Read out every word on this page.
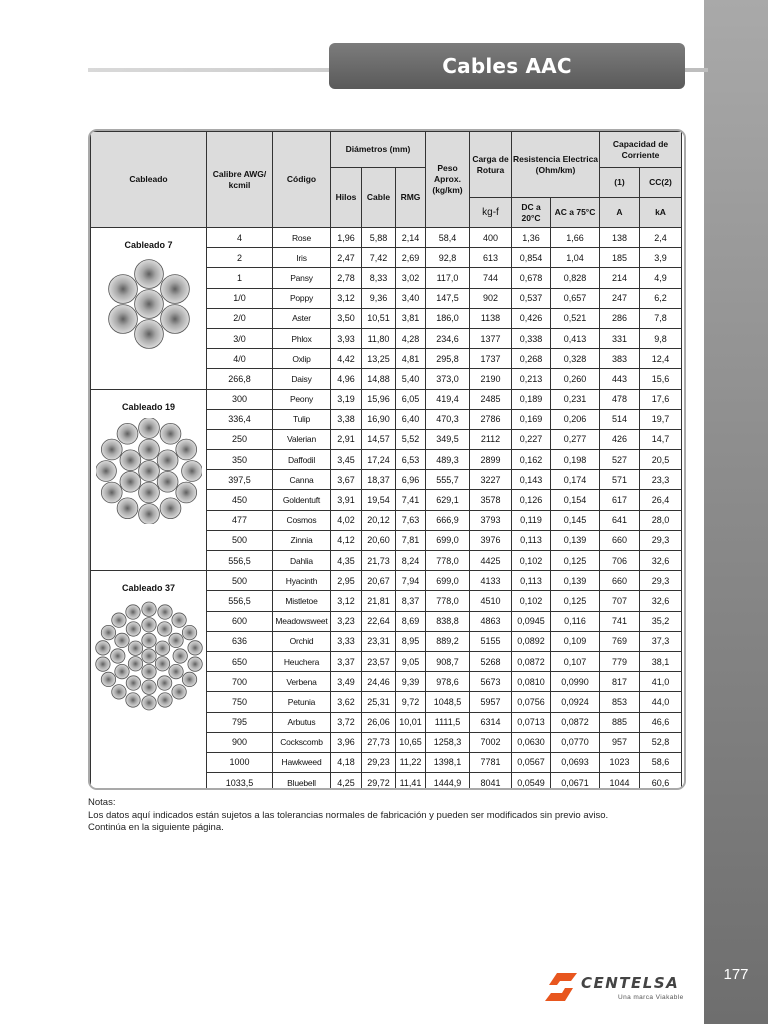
177
Cables AAC
Cableado	Calibre AWG/ kcmil	Código	Diámetros (mm)			Peso Aprox. (kg/km)	Carga de Rotura	Resistencia Electrica (Ohm/km)		Capacidad de Corriente	
			Hilos	Cable	RMG					(1)	CC(2)
							kg-f	DC a 20°C	AC a 75°C	A	kA

Cableado 7	4	Rose	1,96	5,88	2,14	58,4	400	1,36	1,66	138	2,4
	2	Iris	2,47	7,42	2,69	92,8	613	0,854	1,04	185	3,9
	1	Pansy	2,78	8,33	3,02	117,0	744	0,678	0,828	214	4,9
	1/0	Poppy	3,12	9,36	3,40	147,5	902	0,537	0,657	247	6,2
	2/0	Aster	3,50	10,51	3,81	186,0	1138	0,426	0,521	286	7,8
	3/0	Phlox	3,93	11,80	4,28	234,6	1377	0,338	0,413	331	9,8
	4/0	Oxlip	4,42	13,25	4,81	295,8	1737	0,268	0,328	383	12,4
	266,8	Daisy	4,96	14,88	5,40	373,0	2190	0,213	0,260	443	15,6

Cableado 19	300	Peony	3,19	15,96	6,05	419,4	2485	0,189	0,231	478	17,6
	336,4	Tulip	3,38	16,90	6,40	470,3	2786	0,169	0,206	514	19,7
	250	Valerian	2,91	14,57	5,52	349,5	2112	0,227	0,277	426	14,7
	350	Daffodil	3,45	17,24	6,53	489,3	2899	0,162	0,198	527	20,5
	397,5	Canna	3,67	18,37	6,96	555,7	3227	0,143	0,174	571	23,3
	450	Goldentuft	3,91	19,54	7,41	629,1	3578	0,126	0,154	617	26,4
	477	Cosmos	4,02	20,12	7,63	666,9	3793	0,119	0,145	641	28,0
	500	Zinnia	4,12	20,60	7,81	699,0	3976	0,113	0,139	660	29,3
	556,5	Dahlia	4,35	21,73	8,24	778,0	4425	0,102	0,125	706	32,6

Cableado 37	500	Hyacinth	2,95	20,67	7,94	699,0	4133	0,113	0,139	660	29,3
	556,5	Mistletoe	3,12	21,81	8,37	778,0	4510	0,102	0,125	707	32,6
	600	Meadowsweet	3,23	22,64	8,69	838,8	4863	0,0945	0,116	741	35,2
	636	Orchid	3,33	23,31	8,95	889,2	5155	0,0892	0,109	769	37,3
	650	Heuchera	3,37	23,57	9,05	908,7	5268	0,0872	0,107	779	38,1
	700	Verbena	3,49	24,46	9,39	978,6	5673	0,0810	0,0990	817	41,0
	750	Petunia	3,62	25,31	9,72	1048,5	5957	0,0756	0,0924	853	44,0
	795	Arbutus	3,72	26,06	10,01	1111,5	6314	0,0713	0,0872	885	46,6
	900	Cockscomb	3,96	27,73	10,65	1258,3	7002	0,0630	0,0770	957	52,8
	1000	Hawkweed	4,18	29,23	11,22	1398,1	7781	0,0567	0,0693	1023	58,6
	1033,5	Bluebell	4,25	29,72	11,41	1444,9	8041	0,0549	0,0671	1044	60,6
Notas:
Los datos aquí indicados están sujetos a las tolerancias normales de fabricación y pueden ser modificados sin previo aviso.
Continúa en la siguiente página.
CENTELSA
Una marca Viakable
